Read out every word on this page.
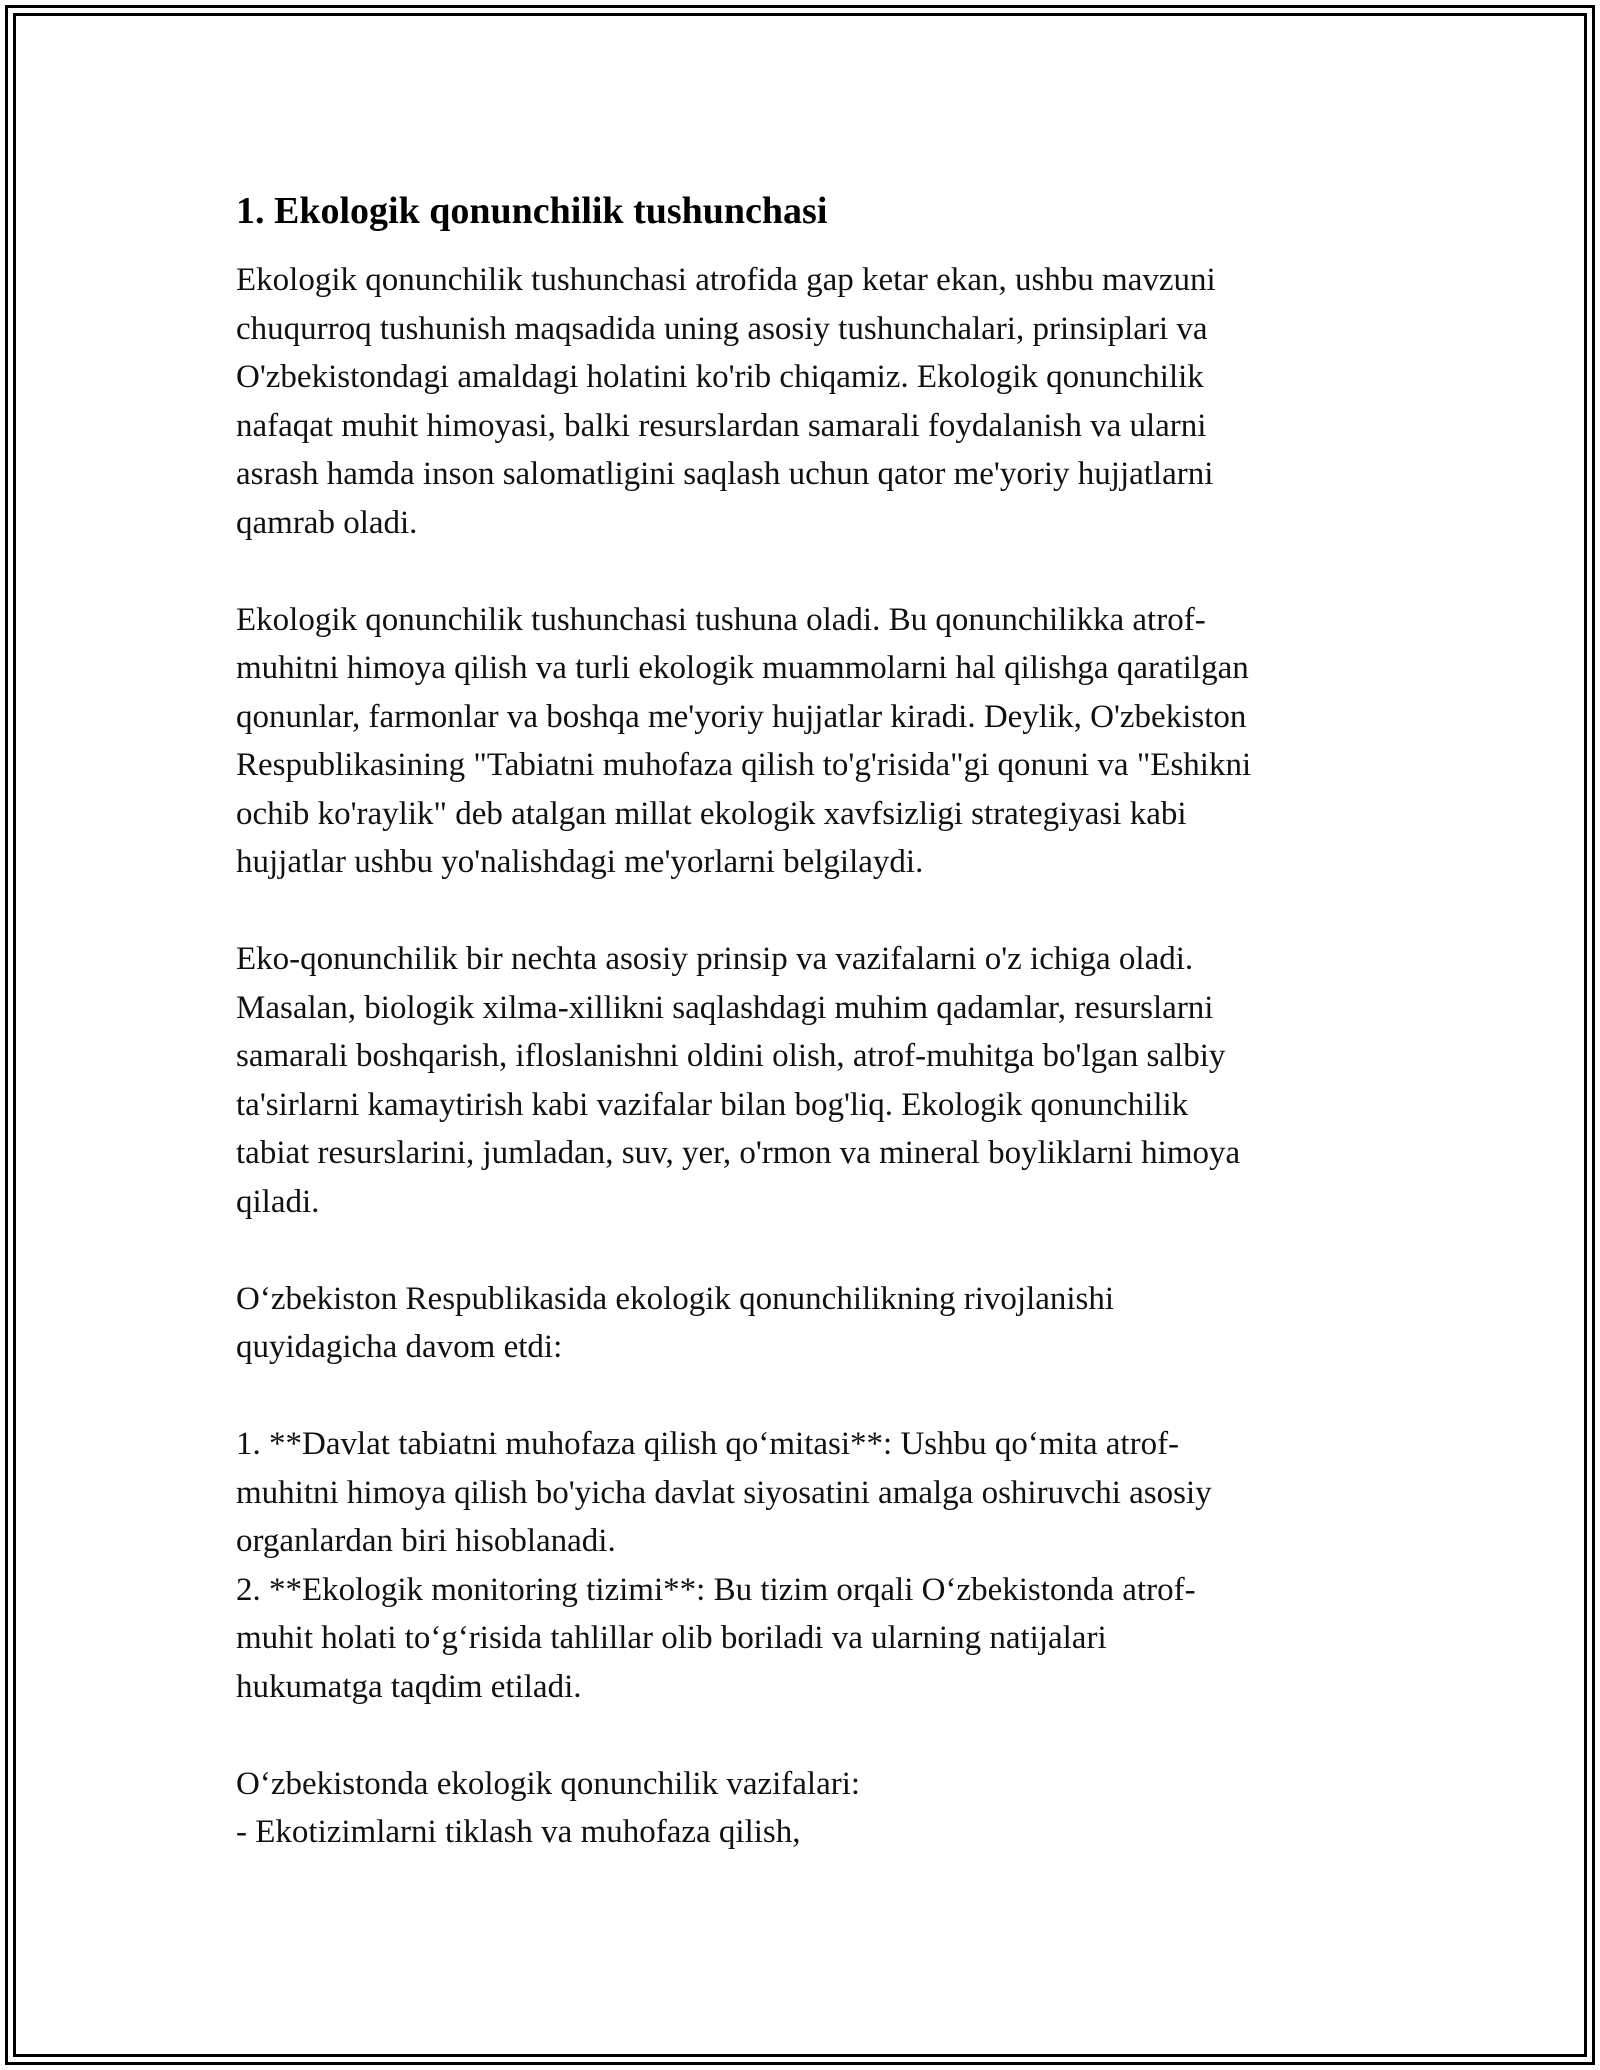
1. Ekologik qonunchilik tushunchasi
Ekologik qonunchilik tushunchasi atrofida gap ketar ekan, ushbu mavzuni
chuqurroq tushunish maqsadida uning asosiy tushunchalari, prinsiplari va
O'zbekistondagi amaldagi holatini ko'rib chiqamiz. Ekologik qonunchilik
nafaqat muhit himoyasi, balki resurslardan samarali foydalanish va ularni
asrash hamda inson salomatligini saqlash uchun qator me'yoriy hujjatlarni
qamrab oladi.
Ekologik qonunchilik tushunchasi tushuna oladi. Bu qonunchilikka atrof-
muhitni himoya qilish va turli ekologik muammolarni hal qilishga qaratilgan
qonunlar, farmonlar va boshqa me'yoriy hujjatlar kiradi. Deylik, O'zbekiston
Respublikasining "Tabiatni muhofaza qilish to'g'risida"gi qonuni va "Eshikni
ochib ko'raylik" deb atalgan millat ekologik xavfsizligi strategiyasi kabi
hujjatlar ushbu yo'nalishdagi me'yorlarni belgilaydi.
Eko-qonunchilik bir nechta asosiy prinsip va vazifalarni o'z ichiga oladi.
Masalan, biologik xilma-xillikni saqlashdagi muhim qadamlar, resurslarni
samarali boshqarish, ifloslanishni oldini olish, atrof-muhitga bo'lgan salbiy
ta'sirlarni kamaytirish kabi vazifalar bilan bog'liq. Ekologik qonunchilik
tabiat resurslarini, jumladan, suv, yer, o'rmon va mineral boyliklarni himoya
qiladi.
O‘zbekiston Respublikasida ekologik qonunchilikning rivojlanishi
quyidagicha davom etdi:
1. **Davlat tabiatni muhofaza qilish qo‘mitasi**: Ushbu qo‘mita atrof-
muhitni himoya qilish bo'yicha davlat siyosatini amalga oshiruvchi asosiy
organlardan biri hisoblanadi.
2. **Ekologik monitoring tizimi**: Bu tizim orqali O‘zbekistonda atrof-
muhit holati to‘g‘risida tahlillar olib boriladi va ularning natijalari
hukumatga taqdim etiladi.
O‘zbekistonda ekologik qonunchilik vazifalari:
- Ekotizimlarni tiklash va muhofaza qilish,
